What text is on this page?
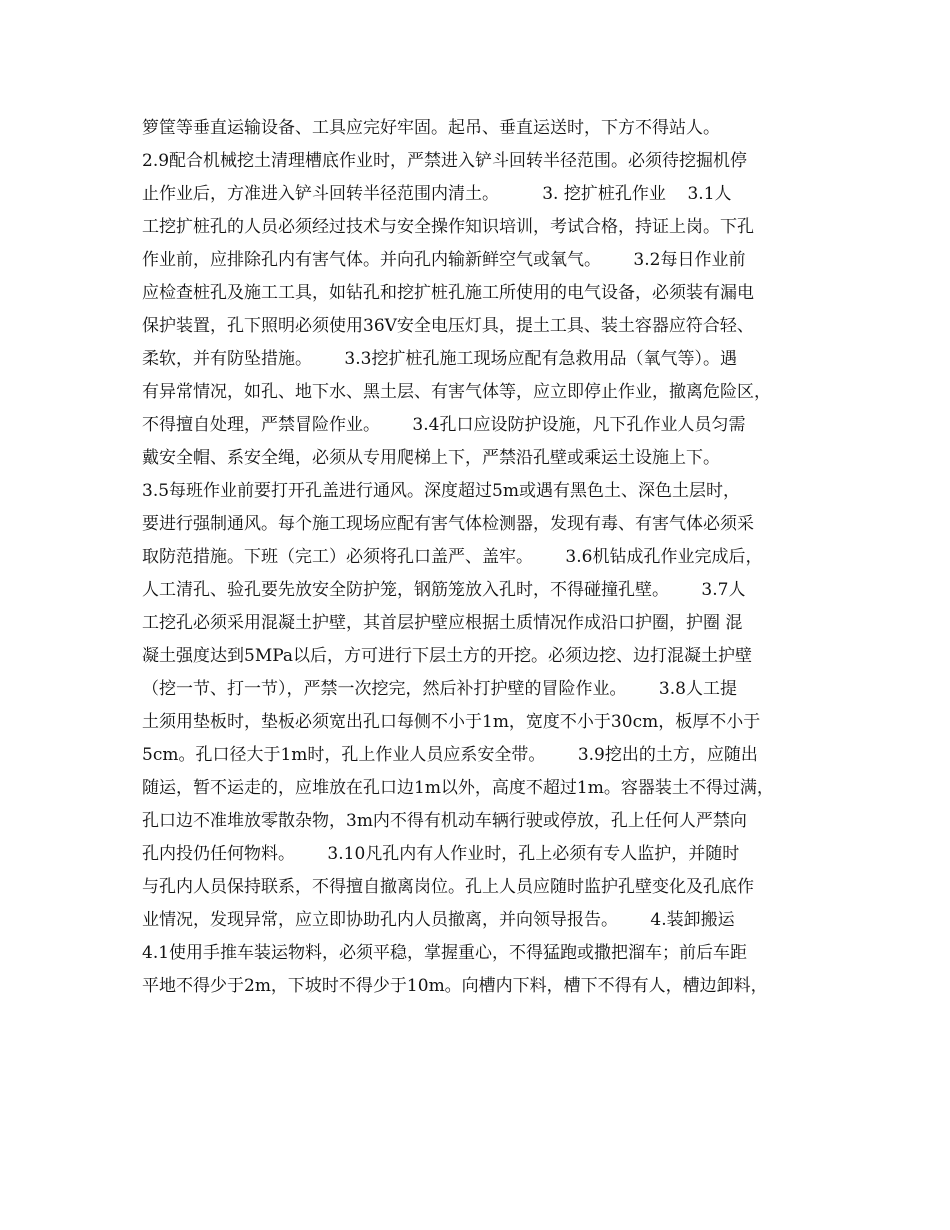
箩筐等垂直运输设备、工具应完好牢固。起吊、垂直运送时，下方不得站人。
2.9配合机械挖土清理槽底作业时，严禁进入铲斗回转半径范围。必须待挖掘机停
止作业后，方准进入铲斗回转半径范围内清土。        3. 挖扩桩孔作业    3.1人
工挖扩桩孔的人员必须经过技术与安全操作知识培训，考试合格，持证上岗。下孔
作业前，应排除孔内有害气体。并向孔内输新鲜空气或氧气。      3.2每日作业前
应检查桩孔及施工工具，如钻孔和挖扩桩孔施工所使用的电气设备，必须装有漏电
保护装置，孔下照明必须使用36V安全电压灯具，提土工具、装土容器应符合轻、
柔软，并有防坠措施。      3.3挖扩桩孔施工现场应配有急救用品（氧气等）。遇
有异常情况，如孔、地下水、黑土层、有害气体等，应立即停止作业，撤离危险区，
不得擅自处理，严禁冒险作业。      3.4孔口应设防护设施，凡下孔作业人员匀需
戴安全帽、系安全绳，必须从专用爬梯上下，严禁沿孔壁或乘运土设施上下。
3.5每班作业前要打开孔盖进行通风。深度超过5m或遇有黑色土、深色土层时，
要进行强制通风。每个施工现场应配有害气体检测器，发现有毒、有害气体必须采
取防范措施。下班（完工）必须将孔口盖严、盖牢。      3.6机钻成孔作业完成后，
人工清孔、验孔要先放安全防护笼，钢筋笼放入孔时，不得碰撞孔壁。      3.7人
工挖孔必须采用混凝土护壁，其首层护壁应根据土质情况作成沿口护圈，护圈 混
凝土强度达到5MPa以后，方可进行下层土方的开挖。必须边挖、边打混凝土护壁
（挖一节、打一节），严禁一次挖完，然后补打护壁的冒险作业。      3.8人工提
土须用垫板时，垫板必须宽出孔口每侧不小于1m，宽度不小于30cm，板厚不小于
5cm。孔口径大于1m时，孔上作业人员应系安全带。      3.9挖出的土方，应随出
随运，暂不运走的，应堆放在孔口边1m以外，高度不超过1m。容器装土不得过满，
孔口边不准堆放零散杂物，3m内不得有机动车辆行驶或停放，孔上任何人严禁向
孔内投仍任何物料。      3.10凡孔内有人作业时，孔上必须有专人监护，并随时
与孔内人员保持联系，不得擅自撤离岗位。孔上人员应随时监护孔壁变化及孔底作
业情况，发现异常，应立即协助孔内人员撤离，并向领导报告。      4.装卸搬运
4.1使用手推车装运物料，必须平稳，掌握重心，不得猛跑或撒把溜车；前后车距
平地不得少于2m，下坡时不得少于10m。向槽内下料，槽下不得有人，槽边卸料，
